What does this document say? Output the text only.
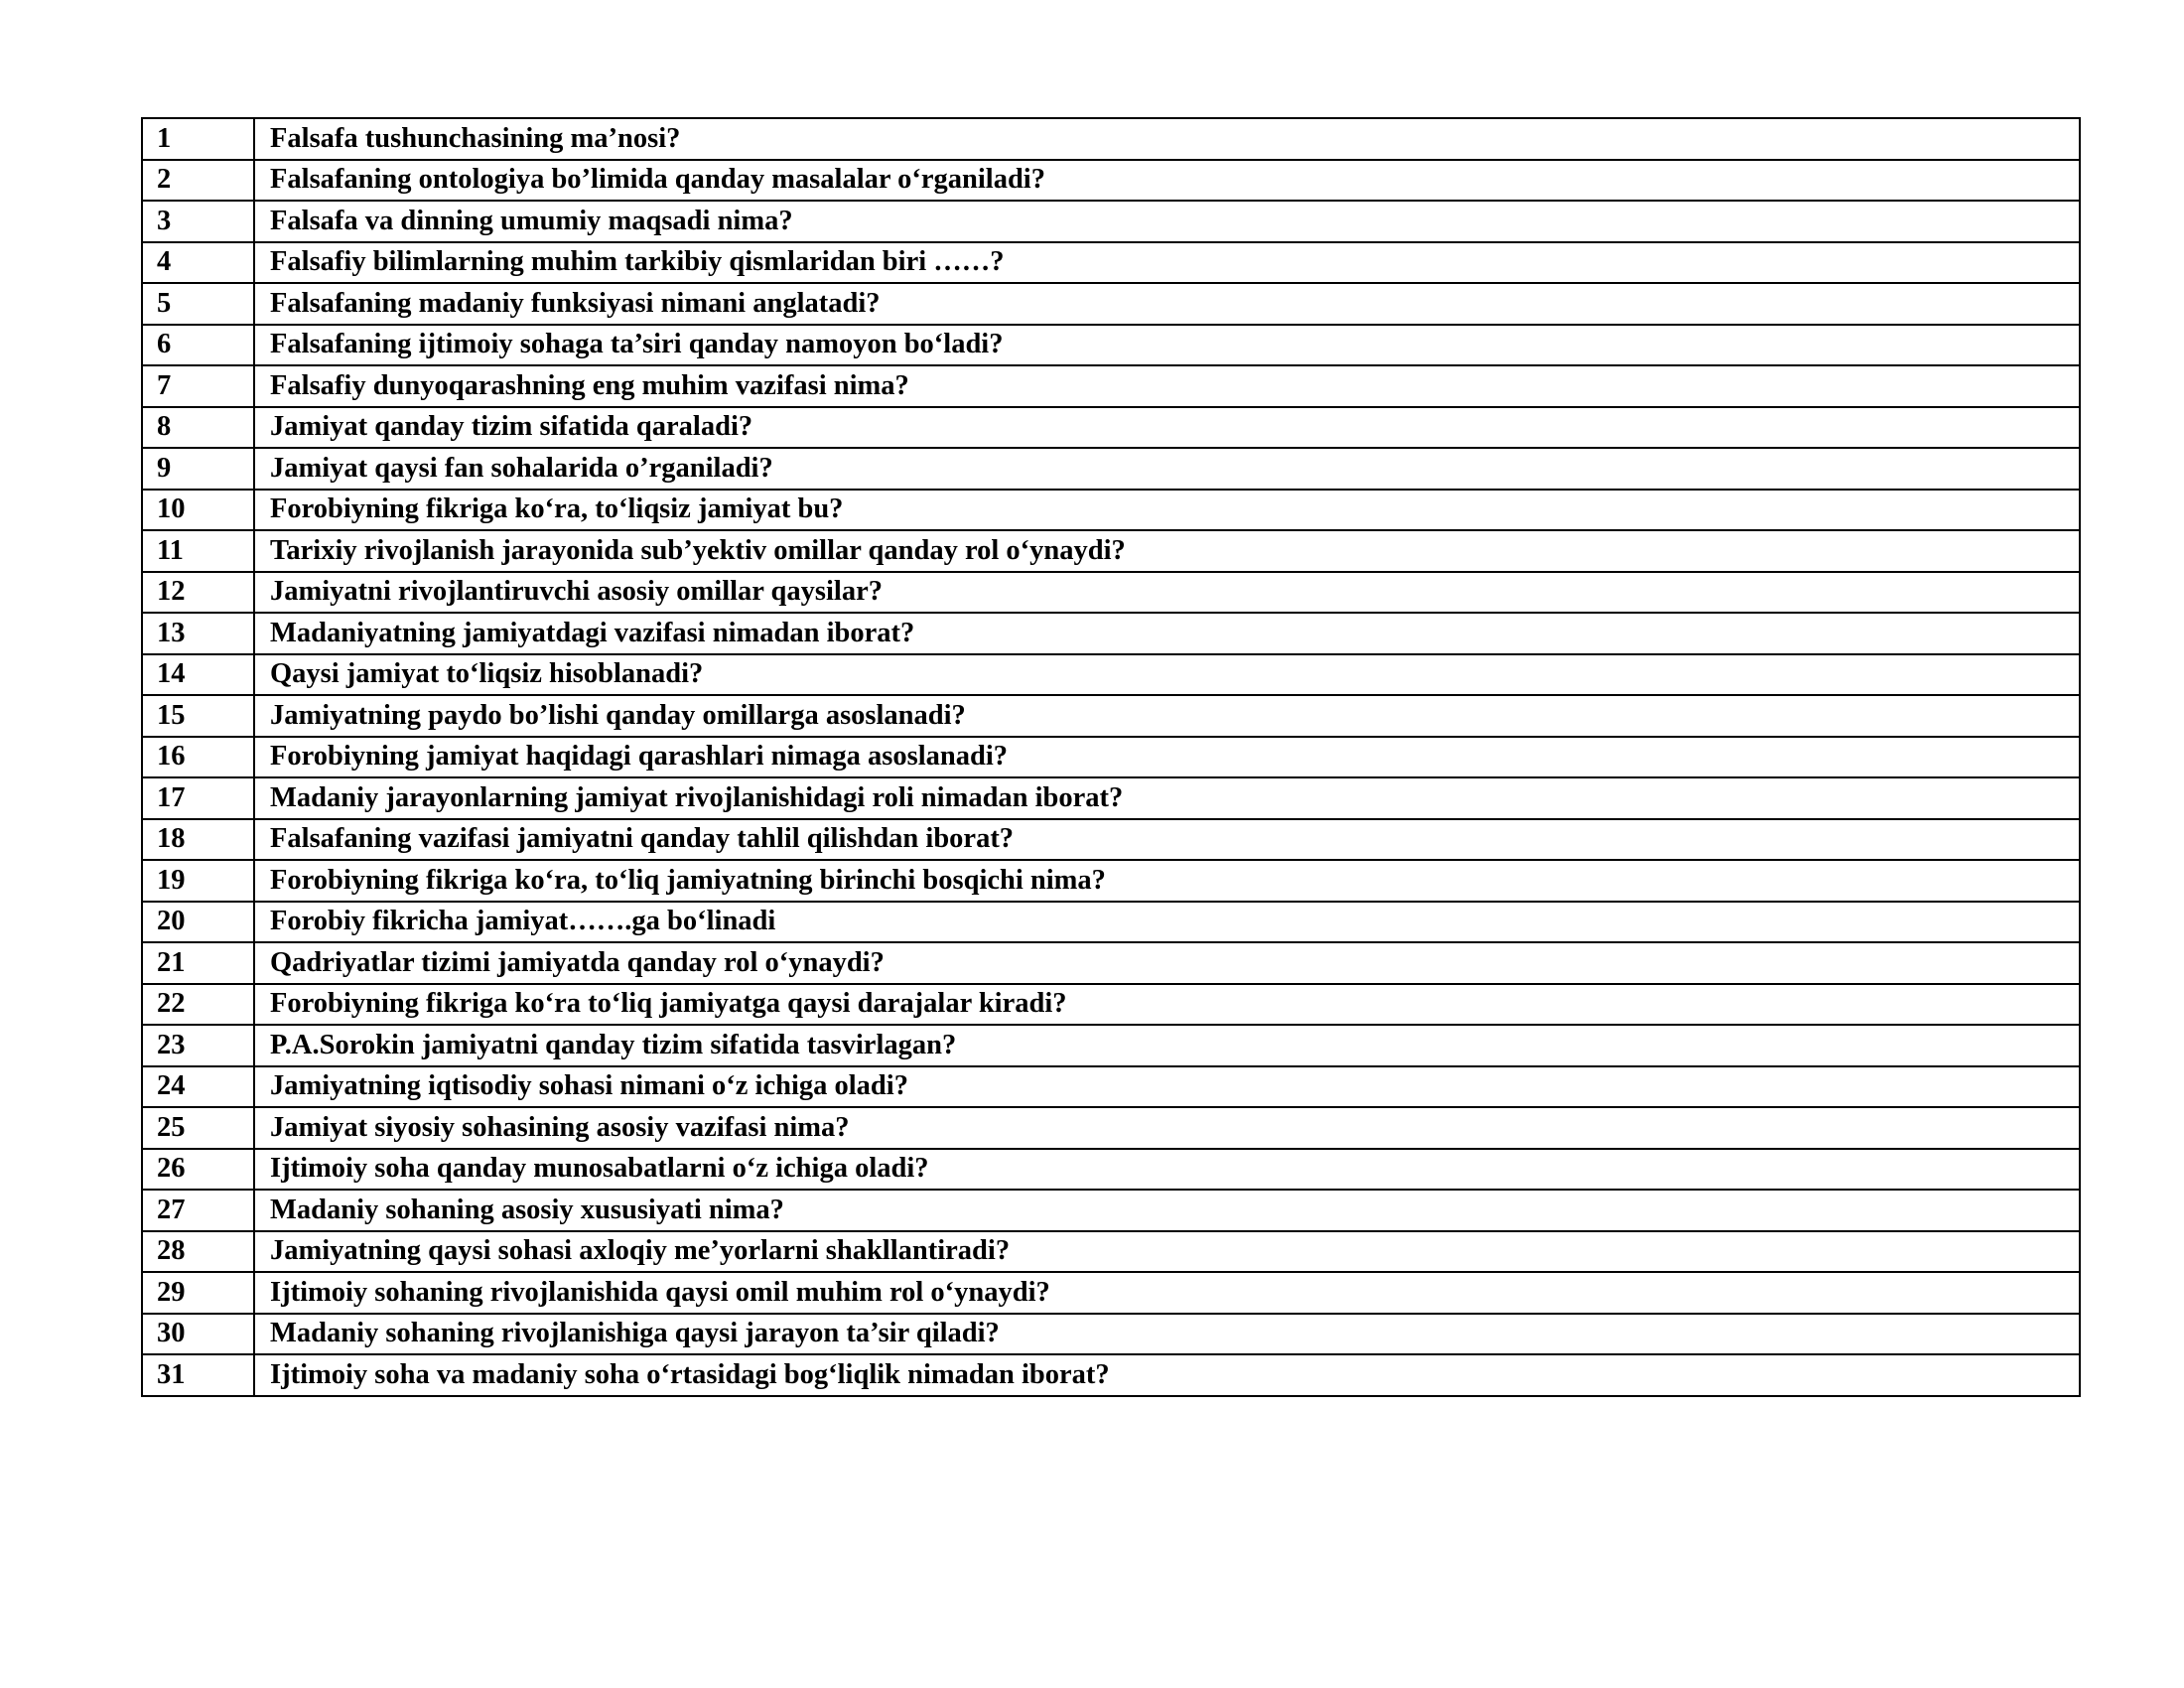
1	Falsafa tushunchasining ma’nosi?
2	Falsafaning ontologiya bo’limida qanday masalalar o‘rganiladi?
3	Falsafa va dinning umumiy maqsadi nima?
4	Falsafiy bilimlarning muhim tarkibiy qismlaridan biri ……?
5	Falsafaning madaniy funksiyasi nimani anglatadi?
6	Falsafaning ijtimoiy sohaga ta’siri qanday namoyon bo‘ladi?
7	Falsafiy dunyoqarashning eng muhim vazifasi nima?
8	Jamiyat qanday tizim sifatida qaraladi?
9	Jamiyat qaysi fan sohalarida o’rganiladi?
10	Forobiyning fikriga ko‘ra, to‘liqsiz jamiyat bu?
11	Tarixiy rivojlanish jarayonida sub’yektiv omillar qanday rol o‘ynaydi?
12	Jamiyatni rivojlantiruvchi asosiy omillar qaysilar?
13	Madaniyatning jamiyatdagi vazifasi nimadan iborat?
14	Qaysi jamiyat to‘liqsiz hisoblanadi?
15	Jamiyatning paydo bo’lishi qanday omillarga asoslanadi?
16	Forobiyning jamiyat haqidagi qarashlari nimaga asoslanadi?
17	Madaniy jarayonlarning jamiyat rivojlanishidagi roli nimadan iborat?
18	Falsafaning vazifasi jamiyatni qanday tahlil qilishdan iborat?
19	Forobiyning fikriga ko‘ra, to‘liq jamiyatning birinchi bosqichi nima?
20	Forobiy fikricha jamiyat…….ga bo‘linadi
21	Qadriyatlar tizimi jamiyatda qanday rol o‘ynaydi?
22	Forobiyning fikriga ko‘ra to‘liq jamiyatga qaysi darajalar kiradi?
23	P.A.Sorokin jamiyatni qanday tizim sifatida tasvirlagan?
24	Jamiyatning iqtisodiy sohasi nimani o‘z ichiga oladi?
25	Jamiyat siyosiy sohasining asosiy vazifasi nima?
26	Ijtimoiy soha qanday munosabatlarni o‘z ichiga oladi?
27	Madaniy sohaning asosiy xususiyati nima?
28	Jamiyatning qaysi sohasi axloqiy me’yorlarni shakllantiradi?
29	Ijtimoiy sohaning rivojlanishida qaysi omil muhim rol o‘ynaydi?
30	Madaniy sohaning rivojlanishiga qaysi jarayon ta’sir qiladi?
31	Ijtimoiy soha va madaniy soha o‘rtasidagi bog‘liqlik nimadan iborat?
